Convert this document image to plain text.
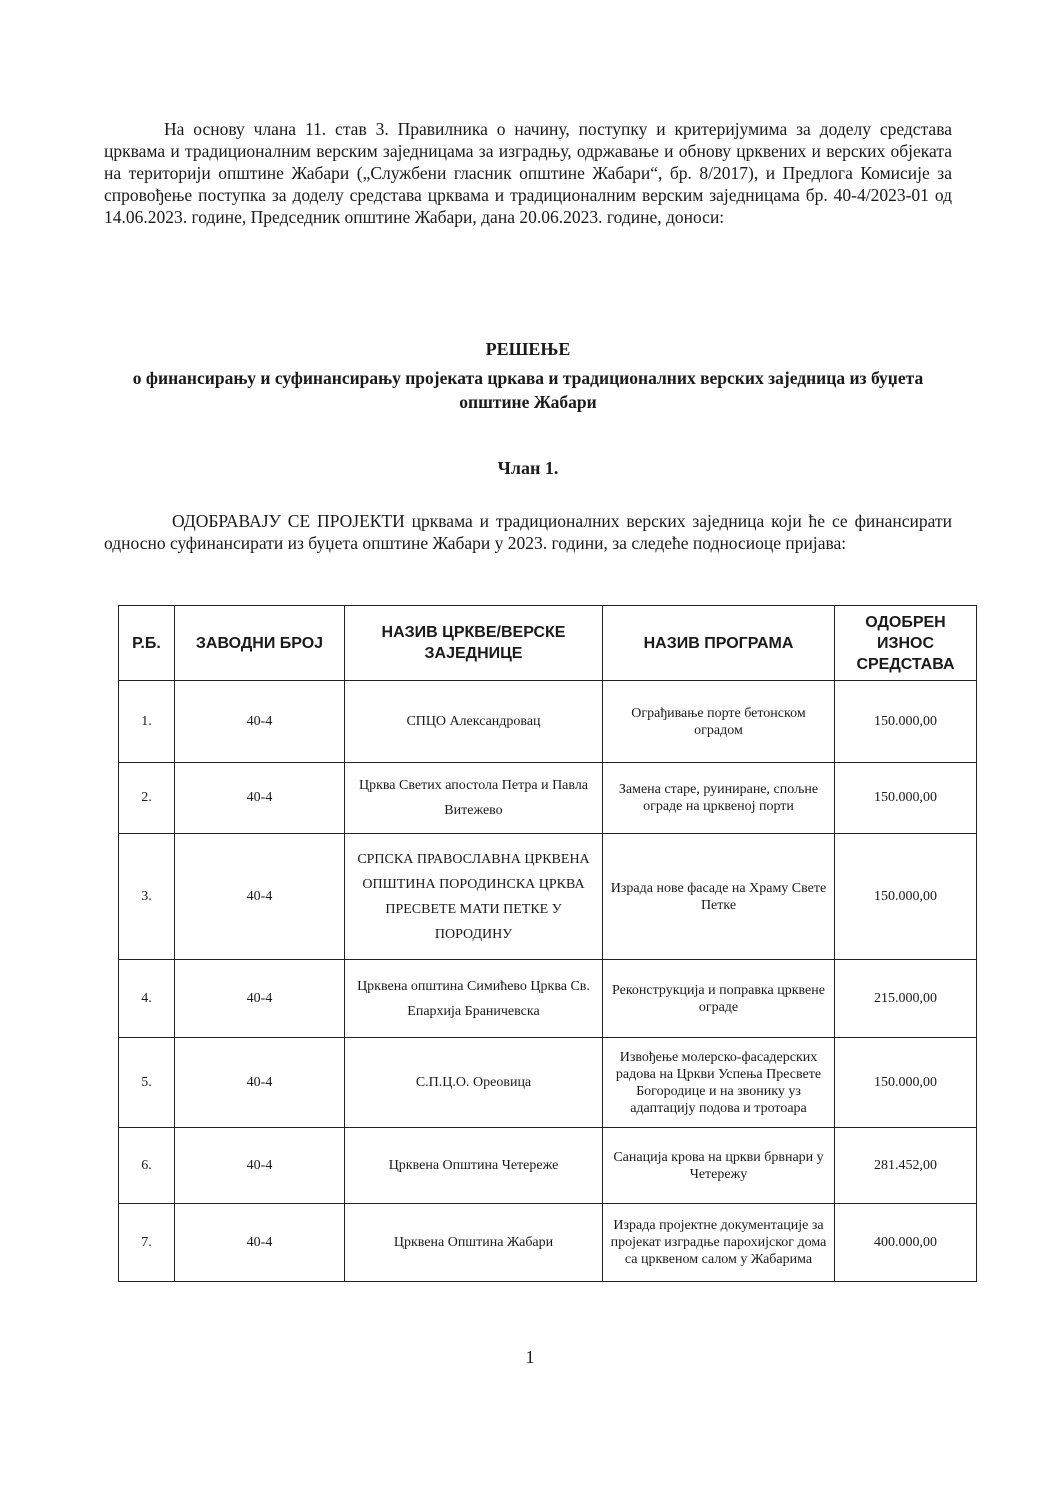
На основу члана 11. став 3. Правилника о начину, поступку и критеријумима за доделу средстава црквама и традиционалним верским заједницама за изградњу, одржавање и обнову црквених и верских објеката на територији општине Жабари („Службени гласник општине Жабари“, бр. 8/2017), и Предлога Комисије за спровођење поступка за доделу средстава црквама и традиционалним верским заједницама бр. 40-4/2023-01 од 14.06.2023. године, Председник општине Жабари, дана 20.06.2023. године, доноси:
РЕШЕЊЕ
о финансирању и суфинансирању пројеката цркава и традиционалних верских заједница из буџета општине Жабари
Члан 1.
ОДОБРАВАЈУ СЕ ПРОЈЕКТИ црквама и традиционалних верских заједница који ће се финансирати односно суфинансирати из буџета општине Жабари у 2023. години, за следеће подносиоце пријава:
Р.Б.	ЗАВОДНИ БРОЈ	НАЗИВ ЦРКВЕ/ВЕРСКЕ ЗАЈЕДНИЦЕ	НАЗИВ ПРОГРАМА	ОДОБРЕН ИЗНОС СРЕДСТАВА
1.	40-4	СПЦО Александровац	Ограђивање порте бетонском оградом	150.000,00
2.	40-4	Црква Светих апостола Петра и Павла Витежево	Замена старе, руиниране, спољне ограде на црквеној порти	150.000,00
3.	40-4	СРПСКА ПРАВОСЛАВНА ЦРКВЕНА ОПШТИНА ПОРОДИНСКА ЦРКВА ПРЕСВЕТЕ МАТИ ПЕТКЕ У ПОРОДИНУ	Израда нове фасаде на Храму Свете Петке	150.000,00
4.	40-4	Црквена општина Симићево Црква Св. Епархија Браничевска	Реконструкција и поправка црквене ограде	215.000,00
5.	40-4	С.П.Ц.О. Ореовица	Извођење молерско-фасадерских радова на Цркви Успења Пресвете Богородице и на звонику уз адаптацију подова и тротоара	150.000,00
6.	40-4	Црквена Општина Четереже	Санација крова на цркви брвнари у Четережу	281.452,00
7.	40-4	Црквена Општина Жабари	Израда пројектне документације за пројекат изградње парохијског дома са црквеном салом у Жабарима	400.000,00
1
